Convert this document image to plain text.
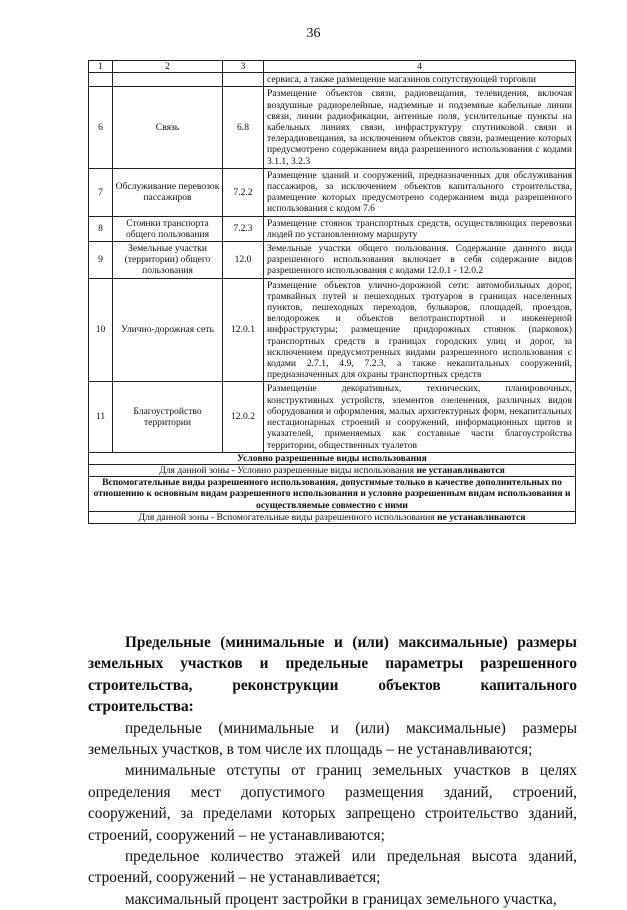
36
1	2	3	4
			сервиса, а также размещение магазинов сопутствующей торговли
6	Связь	6.8	Размещение объектов связи, радиовещания, телевидения, включая воздушные радиорелейные, надземные и подземные кабельные линии связи, линии радиофикации, антенные поля, усилительные пункты на кабельных линиях связи, инфраструктуру спутниковой связи и телерадиовещания, за исключением объектов связи, размещение которых предусмотрено содержанием вида разрешенного использования с кодами 3.1.1, 3.2.3
7	Обслуживание перевозок пассажиров	7.2.2	Размещение зданий и сооружений, предназначенных для обслуживания пассажиров, за исключением объектов капитального строительства, размещение которых предусмотрено содержанием вида разрешенного использования с кодом 7.6
8	Стоянки транспорта общего пользования	7.2.3	Размещение стоянок транспортных средств, осуществляющих перевозки людей по установленному маршруту
9	Земельные участки (территории) общего пользования	12.0	Земельные участки общего пользования. Содержание данного вида разрешенного использования включает в себя содержание видов разрешенного использования с кодами 12.0.1 - 12.0.2
10	Улично-дорожная сеть	12.0.1	Размещение объектов улично-дорожной сети: автомобильных дорог, трамвайных путей и пешеходных тротуаров в границах населенных пунктов, пешеходных переходов, бульваров, площадей, проездов, велодорожек и объектов велотранспортной и инженерной инфраструктуры; размещение придорожных стоянок (парковок) транспортных средств в границах городских улиц и дорог, за исключением предусмотренных видами разрешенного использования с кодами 2.7.1, 4.9, 7.2.3, а также некапитальных сооружений, предназначенных для охраны транспортных средств
11	Благоустройство территории	12.0.2	Размещение декоративных, технических, планировочных, конструктивных устройств, элементов озеленения, различных видов оборудования и оформления, малых архитектурных форм, некапитальных нестационарных строений и сооружений, информационных щитов и указателей, применяемых как составные части благоустройства территории, общественных туалетов
Условно разрешенные виды использования			
Для данной зоны - Условно разрешенные виды использования не устанавливаются			
Вспомогательные виды разрешенного использования, допустимые только в качестве дополнительных по отношению к основным видам разрешенного использования и условно разрешенным видам использования и осуществляемые совместно с ними			
Для данной зоны - Вспомогательные виды разрешенного использования не устанавливаются			

Предельные (минимальные и (или) максимальные) размеры земельных участков и предельные параметры разрешенного строительства, реконструкции объектов капитального строительства:

предельные (минимальные и (или) максимальные) размеры земельных участков, в том числе их площадь – не устанавливаются;

минимальные отступы от границ земельных участков в целях определения мест допустимого размещения зданий, строений, сооружений, за пределами которых запрещено строительство зданий, строений, сооружений – не устанавливаются;

предельное количество этажей или предельная высота зданий, строений, сооружений – не устанавливается;

максимальный процент застройки в границах земельного участка,
